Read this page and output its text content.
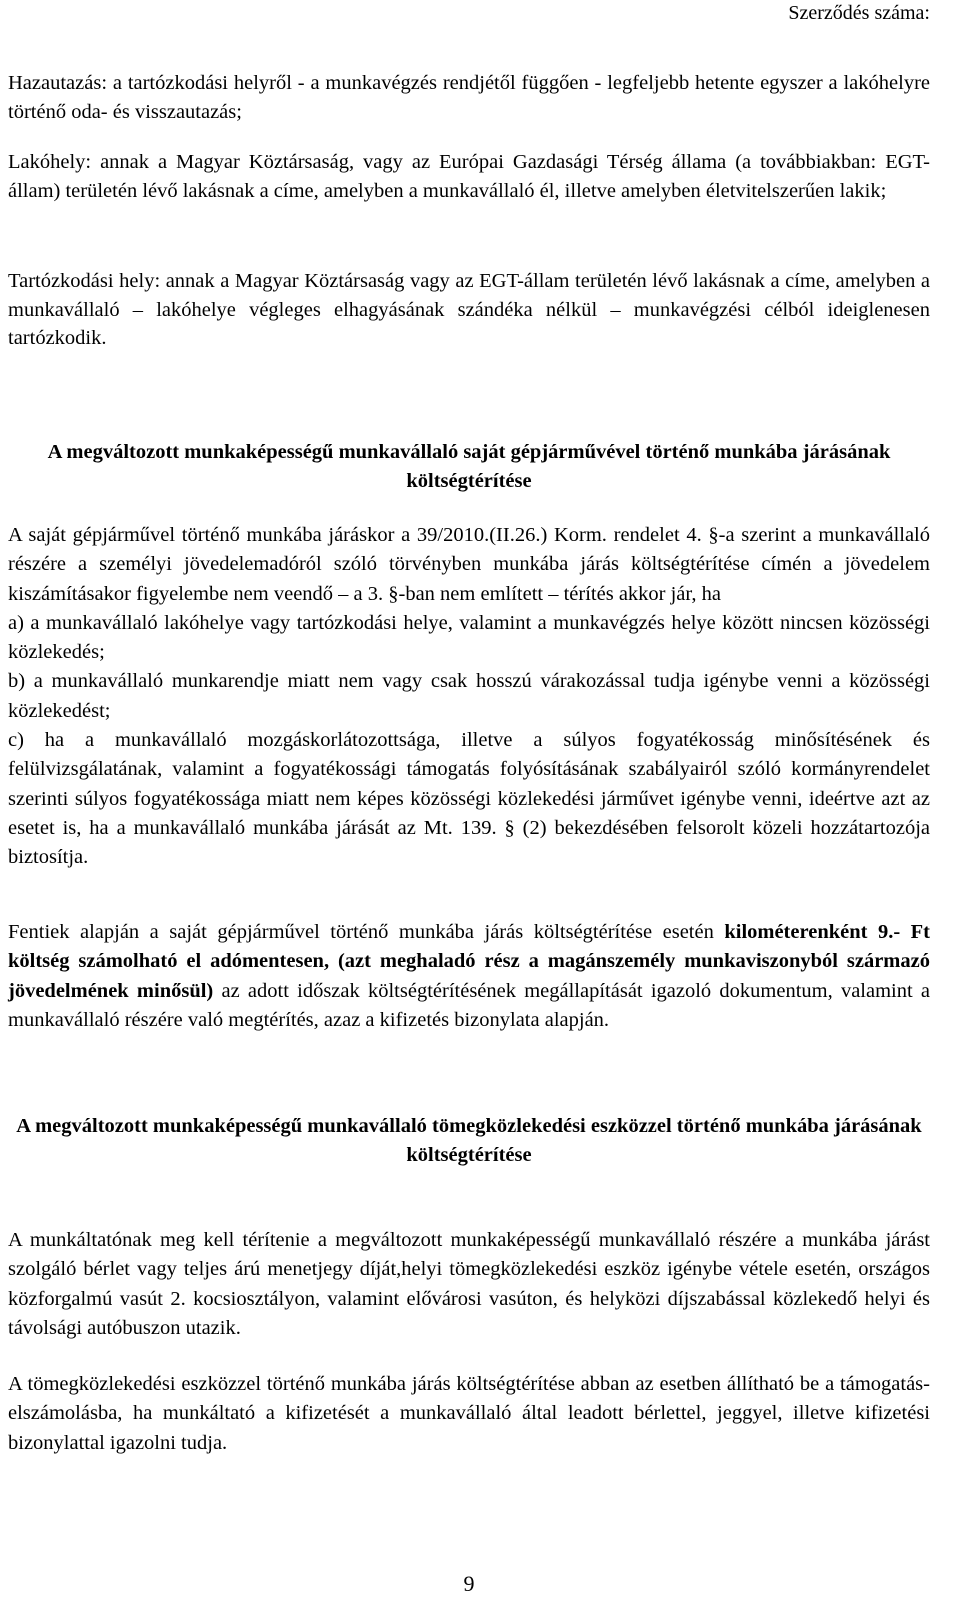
Szerződés száma:

Hazautazás: a tartózkodási helyről - a munkavégzés rendjétől függően - legfeljebb hetente egyszer a lakóhelyre történő oda- és visszautazás;

Lakóhely: annak a Magyar Köztársaság, vagy az Európai Gazdasági Térség állama (a továbbiakban: EGT-állam) területén lévő lakásnak a címe, amelyben a munkavállaló él, illetve amelyben életvitelszerűen lakik;

Tartózkodási hely: annak a Magyar Köztársaság vagy az EGT-állam területén lévő lakásnak a címe, amelyben a munkavállaló – lakóhelye végleges elhagyásának szándéka nélkül – munkavégzési célból ideiglenesen tartózkodik.

A megváltozott munkaképességű munkavállaló saját gépjárművével történő munkába járásának költségtérítése

A saját gépjárművel történő munkába járáskor a 39/2010.(II.26.) Korm. rendelet 4. §-a szerint a munkavállaló részére a személyi jövedelemadóról szóló törvényben munkába járás költségtérítése címén a jövedelem kiszámításakor figyelembe nem veendő – a 3. §-ban nem említett – térítés akkor jár, ha

a) a munkavállaló lakóhelye vagy tartózkodási helye, valamint a munkavégzés helye között nincsen közösségi közlekedés;

b) a munkavállaló munkarendje miatt nem vagy csak hosszú várakozással tudja igénybe venni a közösségi közlekedést;

c) ha a munkavállaló mozgáskorlátozottsága, illetve a súlyos fogyatékosság minősítésének és felülvizsgálatának, valamint a fogyatékossági támogatás folyósításának szabályairól szóló kormányrendelet szerinti súlyos fogyatékossága miatt nem képes közösségi közlekedési járművet igénybe venni, ideértve azt az esetet is, ha a munkavállaló munkába járását az Mt. 139. § (2) bekezdésében felsorolt közeli hozzátartozója biztosítja.

Fentiek alapján a saját gépjárművel történő munkába járás költségtérítése esetén kilométerenként 9.- Ft költség számolható el adómentesen, (azt meghaladó rész a magánszemély munkaviszonyból származó jövedelmének minősül) az adott időszak költségtérítésének megállapítását igazoló dokumentum, valamint a munkavállaló részére való megtérítés, azaz a kifizetés bizonylata alapján.

A megváltozott munkaképességű munkavállaló tömegközlekedési eszközzel történő munkába járásának költségtérítése

A munkáltatónak meg kell térítenie a megváltozott munkaképességű munkavállaló részére a munkába járást szolgáló bérlet vagy teljes árú menetjegy díját,helyi tömegközlekedési eszköz igénybe vétele esetén, országos közforgalmú vasút 2. kocsiosztályon, valamint elővárosi vasúton, és helyközi díjszabással közlekedő helyi és távolsági autóbuszon utazik.

A tömegközlekedési eszközzel történő munkába járás költségtérítése abban az esetben állítható be a támogatás-elszámolásba, ha munkáltató a kifizetését a munkavállaló által leadott bérlettel, jeggyel, illetve kifizetési bizonylattal igazolni tudja.

9
